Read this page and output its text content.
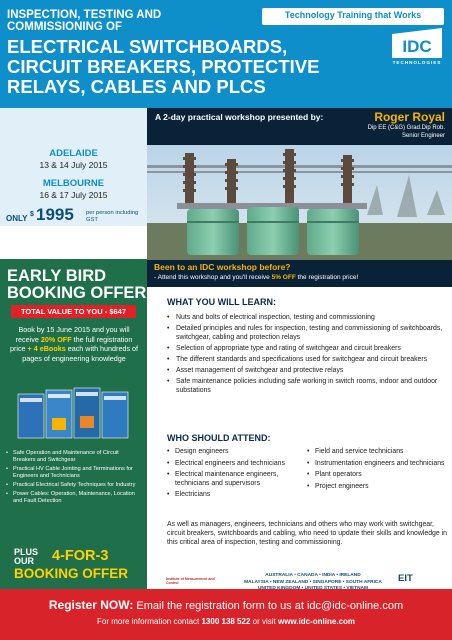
INSPECTION, TESTING AND COMMISSIONING OF
ELECTRICAL SWITCHBOARDS, CIRCUIT BREAKERS, PROTECTIVE RELAYS, CABLES AND PLCS
Technology Training that Works
IDC
TECHNOLOGIES
ADELAIDE
13 & 14 July 2015
MELBOURNE
16 & 17 July 2015
ONLY $ 1995 per person including GST
EARLY BIRD
BOOKING OFFER
TOTAL VALUE TO YOU - $647
Book by 15 June 2015 and you will receive 20% OFF the full registration price + 4 eBooks each with hundreds of pages of engineering knowledge
• Safe Operation and Maintenance of Circuit Breakers and Switchgear
• Practical HV Cable Jointing and Terminations for Engineers and Technicians
• Practical Electrical Safety Techniques for Industry
• Power Cables: Operation, Maintenance, Location and Fault Detection
PLUS
OUR 4-FOR-3
BOOKING OFFER
A 2-day practical workshop presented by:	Roger Royal
Dip EE (C&G) Grad.Dip Rob.
Senior Engineer
Been to an IDC workshop before?
- Attend this workshop and you'll receive 5% OFF the registration price!
WHAT YOU WILL LEARN:
• Nuts and bolts of electrical inspection, testing and commissioning
• Detailed principles and rules for inspection, testing and commissioning of switchboards, switchgear, cabling and protection relays
• Selection of appropriate type and rating of switchgear and circuit breakers
• The different standards and specifications used for switchgear and circuit breakers
• Asset management of switchgear and protective relays
• Safe maintenance policies including safe working in switch rooms, indoor and outdoor substations
WHO SHOULD ATTEND:
• Design engineers
• Electrical engineers and technicians
• Electrical maintenance engineers, technicians and supervisors
• Electricians
• Field and service technicians
• Instrumentation engineers and technicians
• Plant operators
• Project engineers
As well as managers, engineers, technicians and others who may work with switchgear, circuit breakers, switchboards and cabling, who need to update their skills and knowledge in this critical area of inspection, testing and commissioning.
Institute of Measurement and Control
AUSTRALIA • CANADA • INDIA • IRELAND
MALAYSIA • NEW ZEALAND • SINGAPORE • SOUTH AFRICA	EIT
Register NOW: Email the registration form to us at idc@idc-online.com
For more information contact 1300 138 522 or visit www.idc-online.com
